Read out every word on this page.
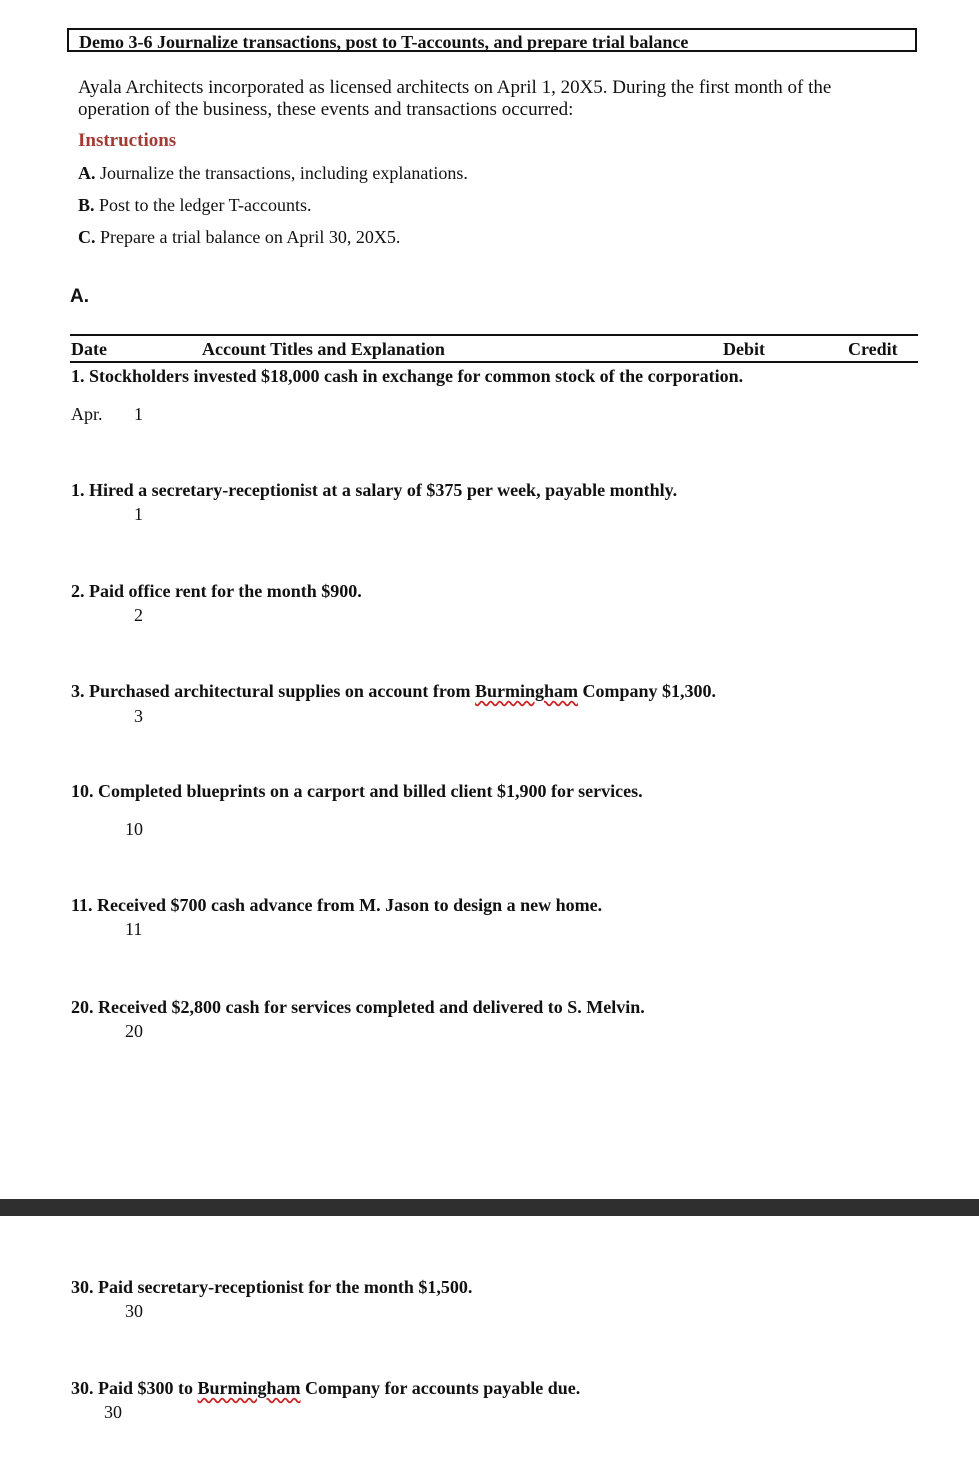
Demo 3-6 Journalize transactions, post to T-accounts, and prepare trial balance
Ayala Architects incorporated as licensed architects on April 1, 20X5. During the first month of the operation of the business, these events and transactions occurred:
Instructions
A. Journalize the transactions, including explanations.
B. Post to the ledger T-accounts.
C. Prepare a trial balance on April 30, 20X5.
A.
Date	Account Titles and Explanation	Debit	Credit
1. Stockholders invested $18,000 cash in exchange for common stock of the corporation.
Apr. 1
1. Hired a secretary-receptionist at a salary of $375 per week, payable monthly.
1
2. Paid office rent for the month $900.
2
3. Purchased architectural supplies on account from Burmingham Company $1,300.
3
10. Completed blueprints on a carport and billed client $1,900 for services.
10
11. Received $700 cash advance from M. Jason to design a new home.
11
20. Received $2,800 cash for services completed and delivered to S. Melvin.
20
30. Paid secretary-receptionist for the month $1,500.
30
30. Paid $300 to Burmingham Company for accounts payable due.
30
